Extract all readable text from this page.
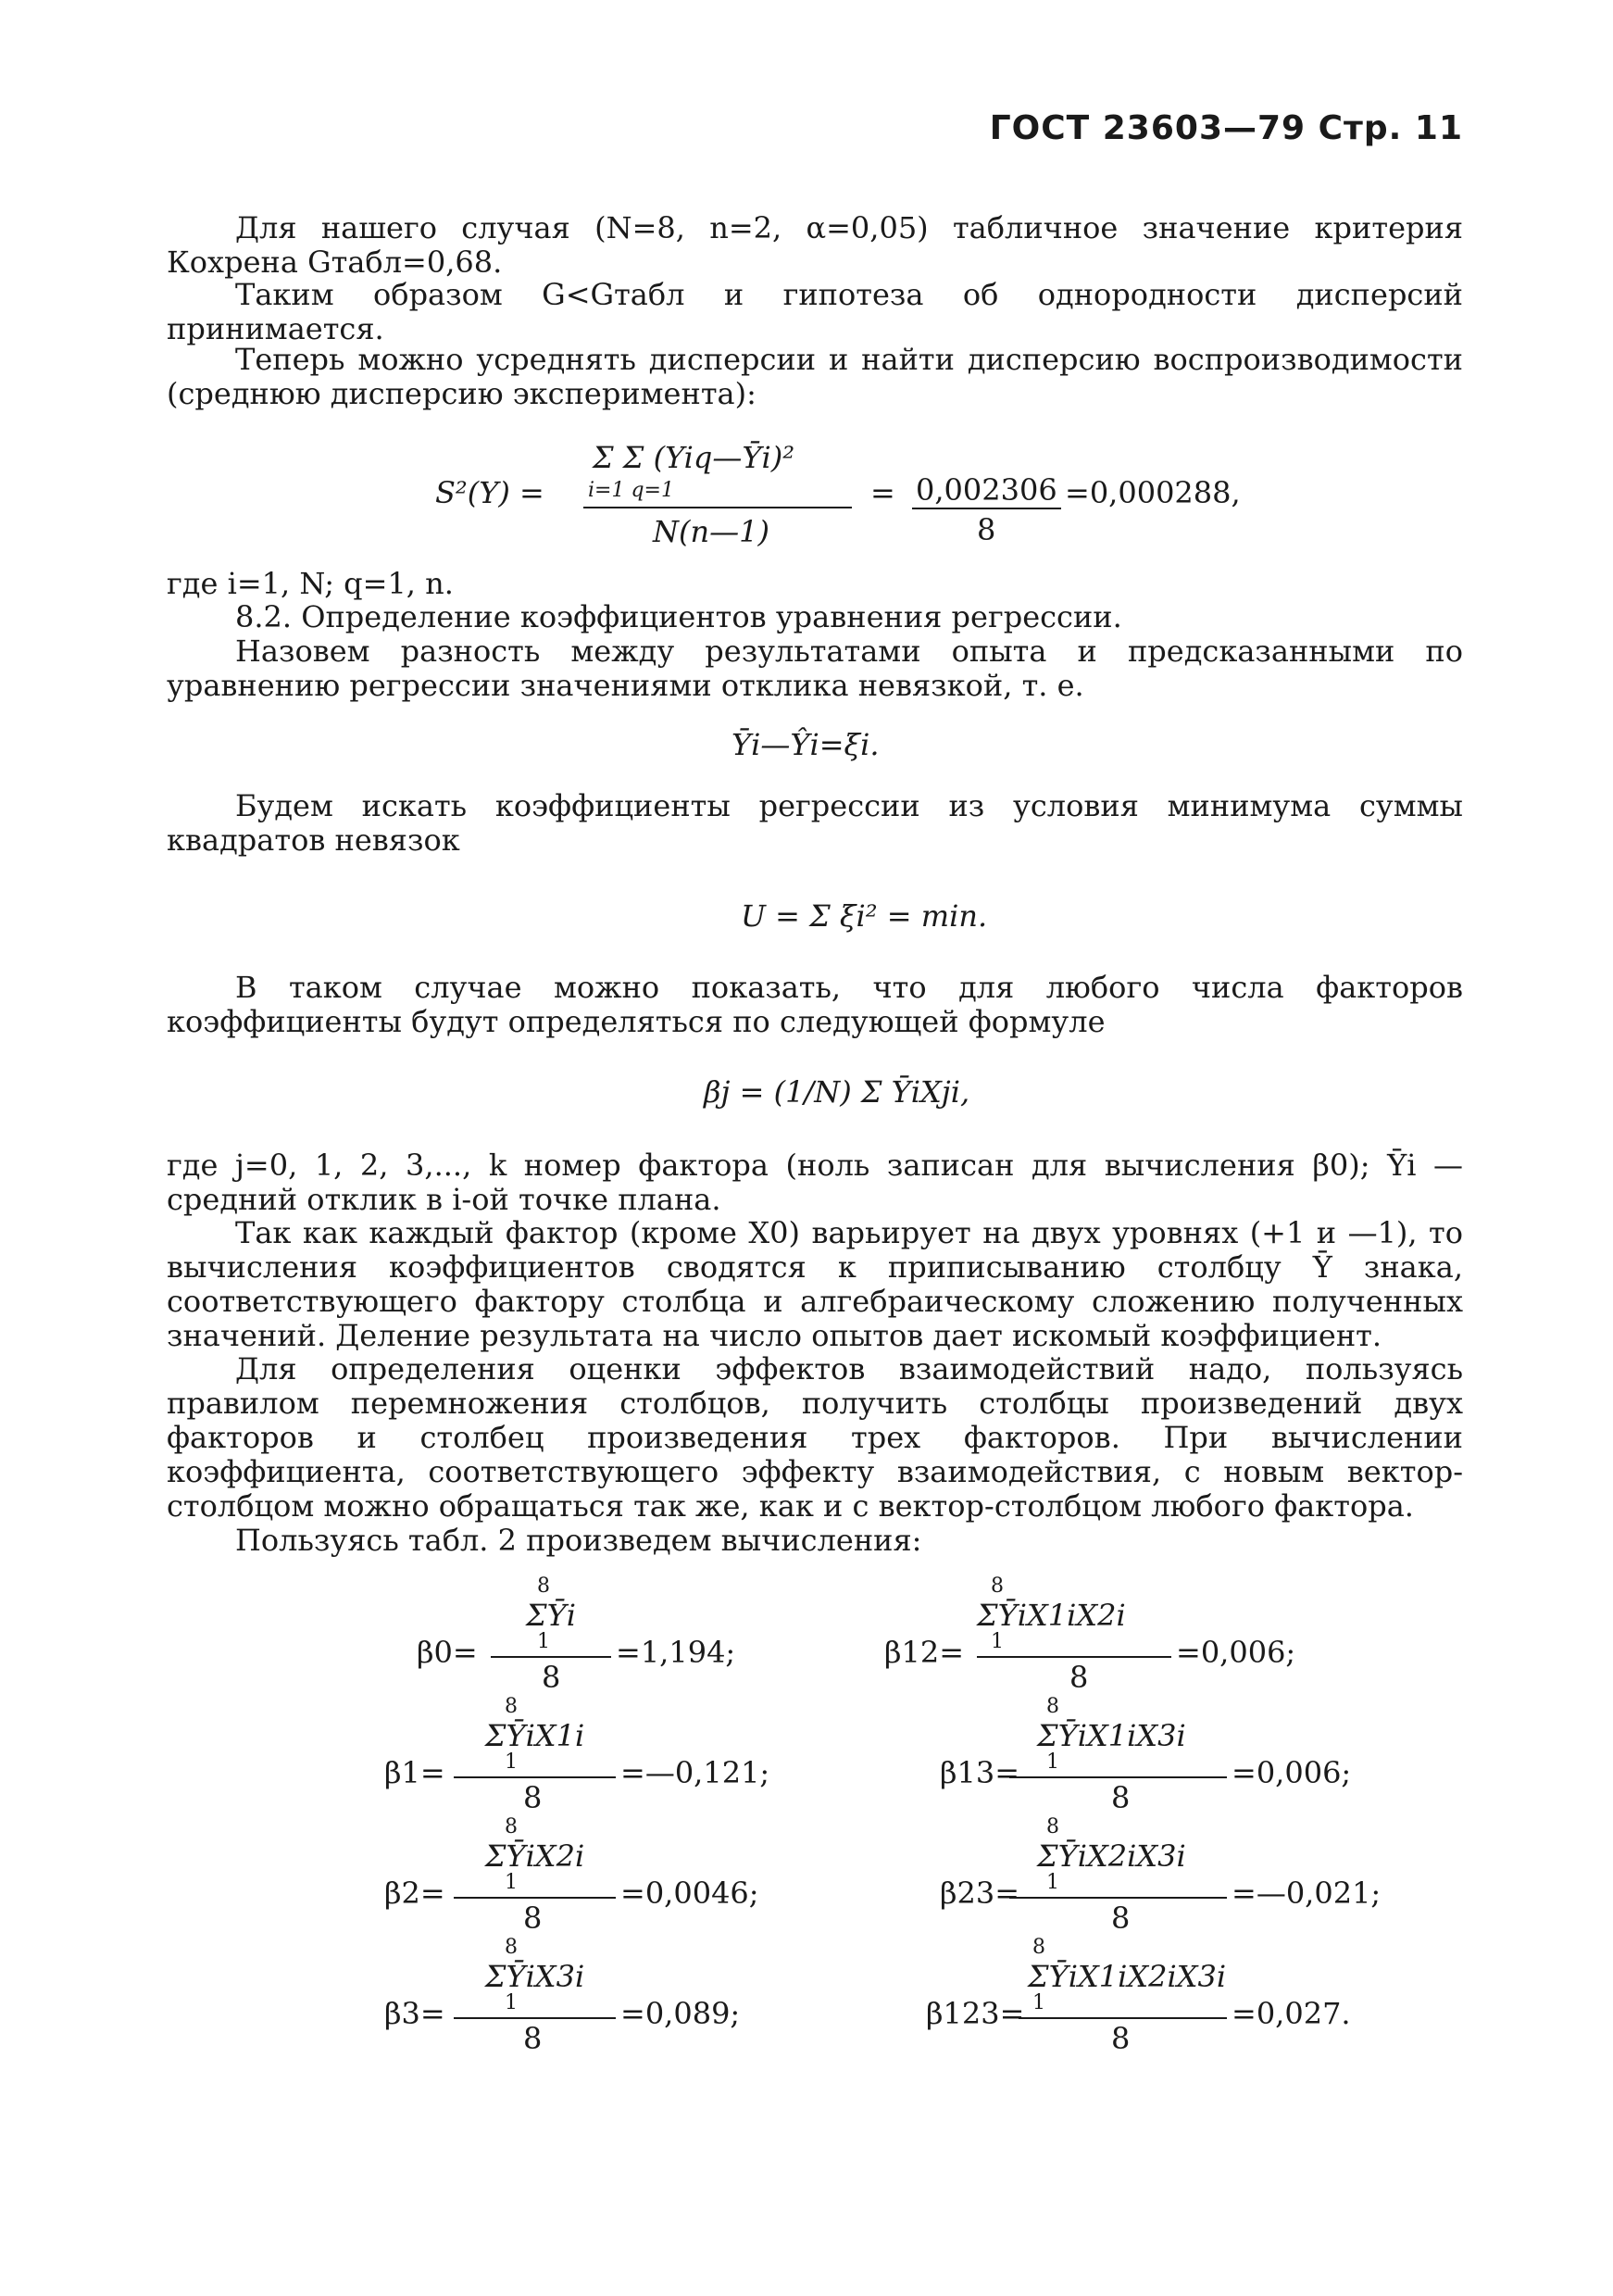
ГОСТ 23603—79 Стр. 11
Для нашего случая (N=8, n=2, α=0,05) табличное значение критерия Кохрена Gтабл=0,68.
Таким образом G<Gтабл и гипотеза об однородности дисперсий принимается.
Теперь можно усреднять дисперсии и найти дисперсию воспроизводимости (среднюю дисперсию эксперимента):
S²(Y) =
Σ Σ (Yiq—Ȳi)²
i=1 q=1
N(n—1)
= 0,002306
8
=0,000288,
где i=1, N; q=1, n.
8.2. Определение коэффициентов уравнения регрессии.
Назовем разность между результатами опыта и предсказанными по уравнению регрессии значениями отклика невязкой, т. е.
Ȳi—Ŷi=ξi.
Будем искать коэффициенты регрессии из условия минимума суммы квадратов невязок
U = Σ ξi² = min.
В таком случае можно показать, что для любого числа факторов коэффициенты будут определяться по следующей формуле
βj = (1/N) Σ ȲiXji,
где j=0, 1, 2, 3,..., k номер фактора (ноль записан для вычисления β0); Ȳi — средний отклик в i-ой точке плана.
Так как каждый фактор (кроме X0) варьирует на двух уровнях (+1 и —1), то вычисления коэффициентов сводятся к приписыванию столбцу Ȳ знака, соответствующего фактору столбца и алгебраическому сложению полученных значений. Деление результата на число опытов дает искомый коэффициент.
Для определения оценки эффектов взаимодействий надо, пользуясь правилом перемножения столбцов, получить столбцы произведений двух факторов и столбец произведения трех факторов. При вычислении коэффициента, соответствующего эффекту взаимодействия, с новым вектор-столбцом можно обращаться так же, как и с вектор-столбцом любого фактора.
Пользуясь табл. 2 произведем вычисления:
8
β0=
ΣȲi
1
8
=1,194;
8
β1=
ΣȲiX1i
1
8
=—0,121;
8
β2=
ΣȲiX2i
1
8
=0,0046;
8
β3=
ΣȲiX3i
1
8
=0,089;
8
β12=
ΣȲiX1iX2i
1
8
=0,006;
8
β13=
ΣȲiX1iX3i
1
8
=0,006;
8
β23=
ΣȲiX2iX3i
1
8
=—0,021;
8
β123=
ΣȲiX1iX2iX3i
1
8
=0,027.
